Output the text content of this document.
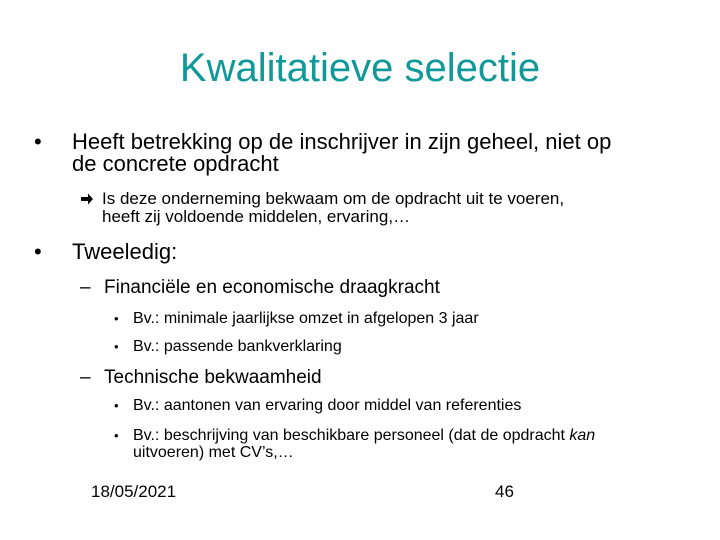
Kwalitatieve selectie
• Heeft betrekking op de inschrijver in zijn geheel, niet op
de concrete opdracht
Is deze onderneming bekwaam om de opdracht uit te voeren,
heeft zij voldoende middelen, ervaring,…
• Tweeledig:
– Financiële en economische draagkracht
• Bv.: minimale jaarlijkse omzet in afgelopen 3 jaar
• Bv.: passende bankverklaring
– Technische bekwaamheid
• Bv.: aantonen van ervaring door middel van referenties
• Bv.: beschrijving van beschikbare personeel (dat de opdracht kan
uitvoeren) met CV’s,…
18/05/2021	46
